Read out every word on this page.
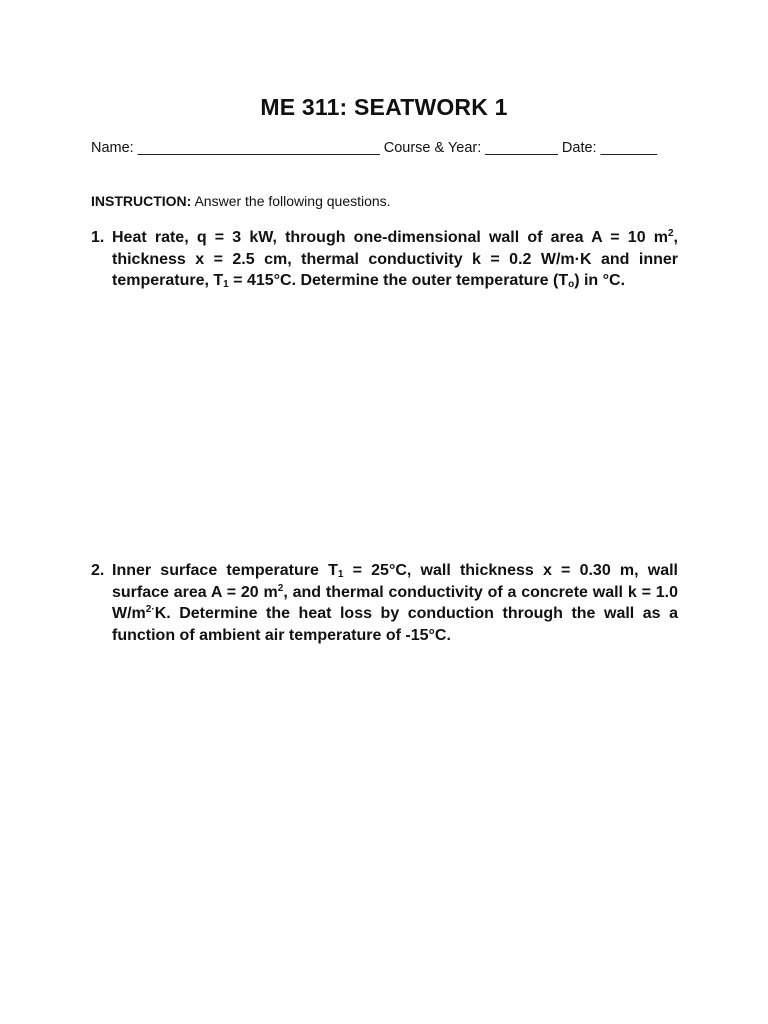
ME 311: SEATWORK 1
Name: ______________________________ Course & Year: _________ Date: _______
INSTRUCTION: Answer the following questions.
1. Heat rate, q = 3 kW, through one-dimensional wall of area A = 10 $m^2$, thickness x = 2.5 cm, thermal conductivity k = 0.2 W/m·K and inner temperature, $T_1 = 415^\circ C$. Determine the outer temperature $(T_o)$ in °C.
2. Inner surface temperature $T_1 = 25^\circ C$, wall thickness x = 0.30 m, wall surface area A = 20 $m^2$, and thermal conductivity of a concrete wall k = 1.0 $W/m^{2\cdot}K$. Determine the heat loss by conduction through the wall as a function of ambient air temperature of -15°C.
